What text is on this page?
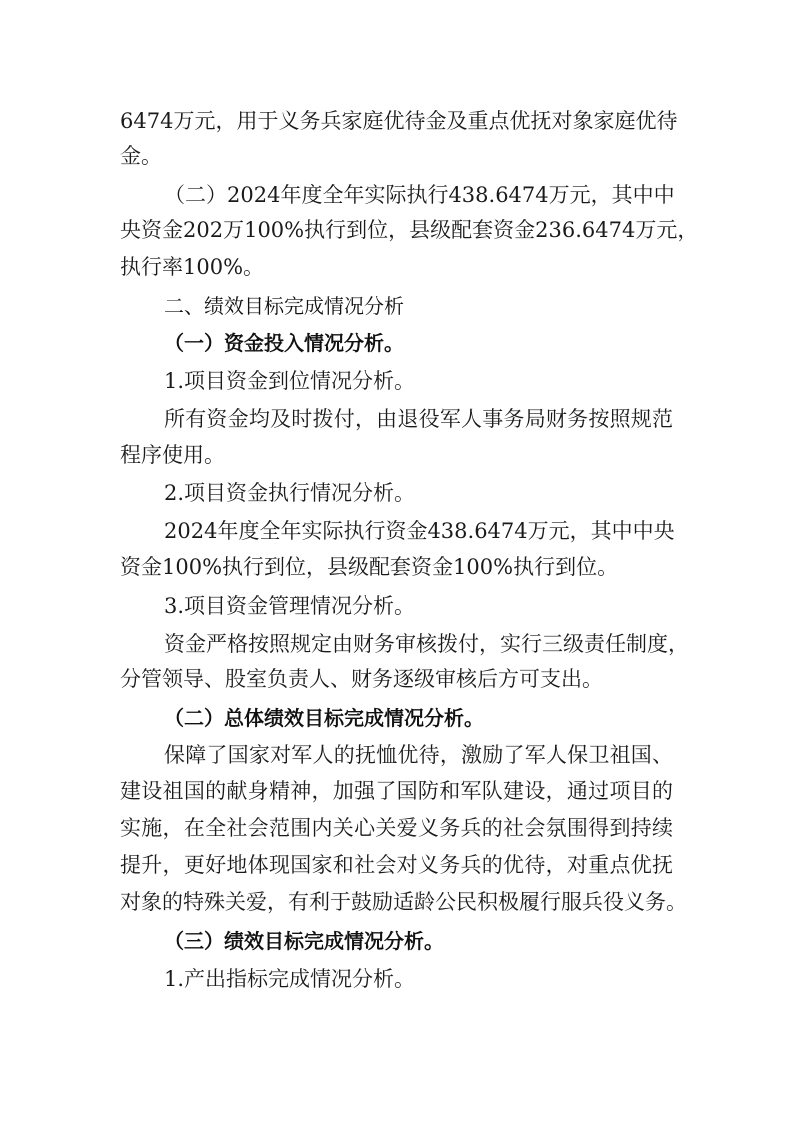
6474万元，用于义务兵家庭优待金及重点优抚对象家庭优待
金。
（二）2024年度全年实际执行438.6474万元，其中中
央资金202万100%执行到位，县级配套资金236.6474万元，
执行率100%。
二、绩效目标完成情况分析
（一）资金投入情况分析。
1.项目资金到位情况分析。
所有资金均及时拨付，由退役军人事务局财务按照规范
程序使用。
2.项目资金执行情况分析。
2024年度全年实际执行资金438.6474万元，其中中央
资金100%执行到位，县级配套资金100%执行到位。
3.项目资金管理情况分析。
资金严格按照规定由财务审核拨付，实行三级责任制度，
分管领导、股室负责人、财务逐级审核后方可支出。
（二）总体绩效目标完成情况分析。
保障了国家对军人的抚恤优待，激励了军人保卫祖国、
建设祖国的献身精神，加强了国防和军队建设，通过项目的
实施，在全社会范围内关心关爱义务兵的社会氛围得到持续
提升，更好地体现国家和社会对义务兵的优待，对重点优抚
对象的特殊关爱，有利于鼓励适龄公民积极履行服兵役义务。
（三）绩效目标完成情况分析。
1.产出指标完成情况分析。
